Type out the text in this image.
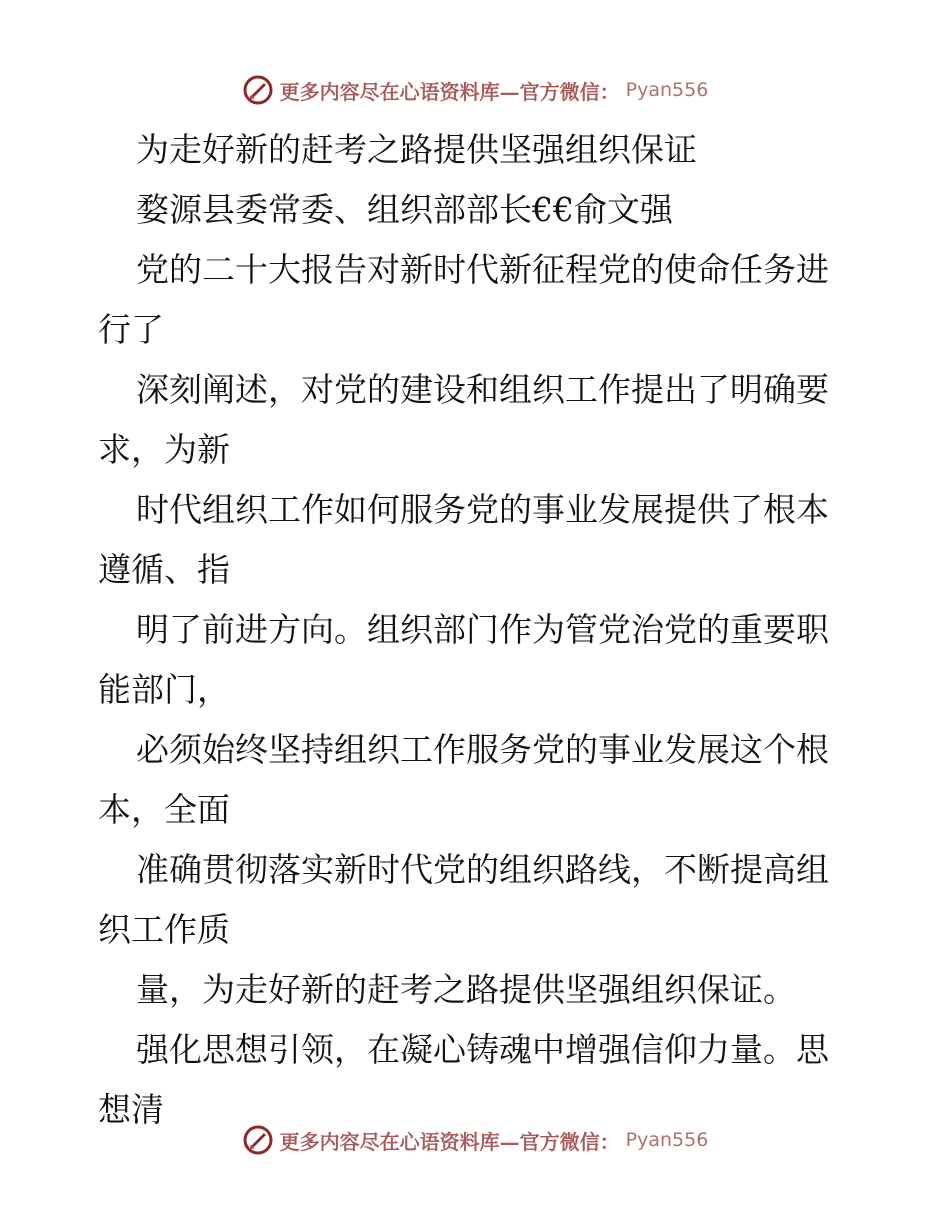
更多内容尽在心语资料库—官方微信： Pyan556
为走好新的赶考之路提供坚强组织保证
婺源县委常委、组织部部长€€俞文强
党的二十大报告对新时代新征程党的使命任务进
行了
深刻阐述，对党的建设和组织工作提出了明确要
求，为新
时代组织工作如何服务党的事业发展提供了根本
遵循、指
明了前进方向。组织部门作为管党治党的重要职
能部门，
必须始终坚持组织工作服务党的事业发展这个根
本，全面
准确贯彻落实新时代党的组织路线，不断提高组
织工作质
量，为走好新的赶考之路提供坚强组织保证。
强化思想引领，在凝心铸魂中增强信仰力量。思
想清
更多内容尽在心语资料库—官方微信： Pyan556
